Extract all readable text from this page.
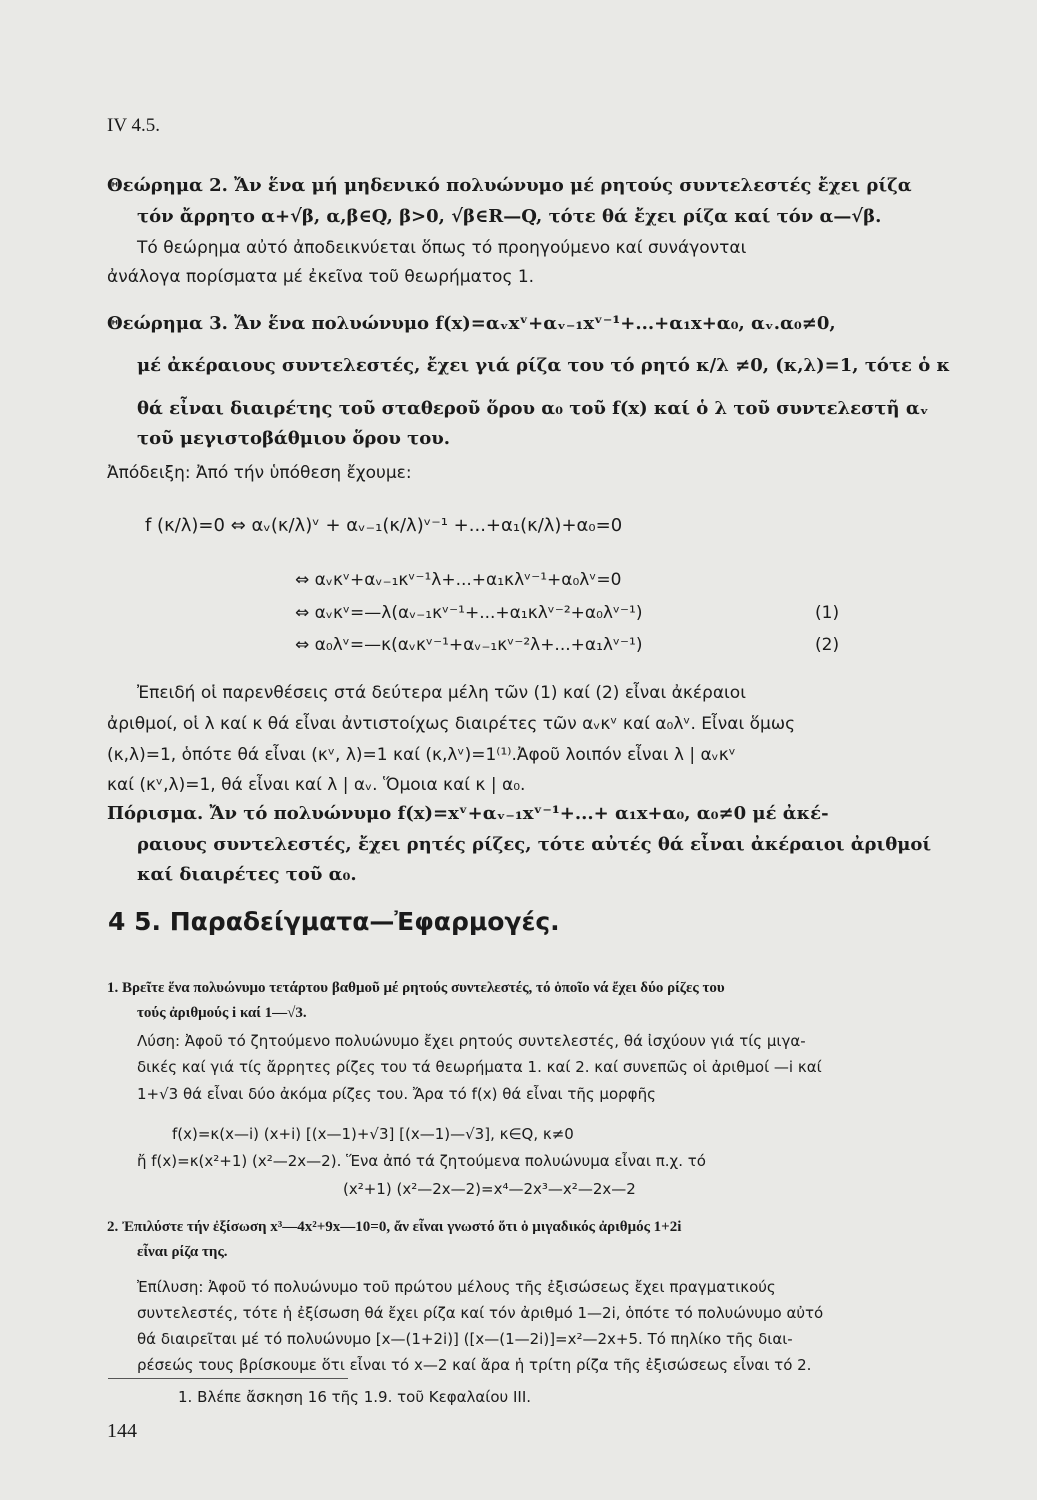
IV 4.5.
Θεώρημα 2. Ἄν ἕνα μή μηδενικό πολυώνυμο μέ ρητούς συντελεστές ἔχει ρίζα
τόν ἄρρητο α+√β, α,β∈Q, β>0, √β∈R—Q, τότε θά ἔχει ρίζα καί τόν α—√β.
Τό θεώρημα αὐτό ἀποδεικνύεται ὅπως τό προηγούμενο καί συνάγονται
ἀνάλογα πορίσματα μέ ἐκεῖνα τοῦ θεωρήματος 1.
Θεώρημα 3. Ἄν ἕνα πολυώνυμο f(x)=αᵥxᵛ+αᵥ₋₁xᵛ⁻¹+...+α₁x+α₀, αᵥ.α₀≠0,
μέ ἀκέραιους συντελεστές, ἔχει γιά ρίζα του τό ρητό κ/λ ≠0, (κ,λ)=1, τότε ὁ κ
θά εἶναι διαιρέτης τοῦ σταθεροῦ ὅρου α₀ τοῦ f(x) καί ὁ λ τοῦ συντελεστῆ αᵥ
τοῦ μεγιστοβάθμιου ὅρου του.
Ἀπόδειξη: Ἀπό τήν ὑπόθεση ἔχουμε:
f (κ/λ)=0 ⇔ αᵥ(κ/λ)ᵛ + αᵥ₋₁(κ/λ)ᵛ⁻¹ +...+α₁(κ/λ)+α₀=0
⇔ αᵥκᵛ+αᵥ₋₁κᵛ⁻¹λ+...+α₁κλᵛ⁻¹+α₀λᵛ=0
⇔ αᵥκᵛ=—λ(αᵥ₋₁κᵛ⁻¹+...+α₁κλᵛ⁻²+α₀λᵛ⁻¹)	(1)
⇔ α₀λᵛ=—κ(αᵥκᵛ⁻¹+αᵥ₋₁κᵛ⁻²λ+...+α₁λᵛ⁻¹)	(2)
Ἐπειδή οἱ παρενθέσεις στά δεύτερα μέλη τῶν (1) καί (2) εἶναι ἀκέραιοι
ἀριθμοί, οἱ λ καί κ θά εἶναι ἀντιστοίχως διαιρέτες τῶν αᵥκᵛ καί α₀λᵛ. Εἶναι ὅμως
(κ,λ)=1, ὁπότε θά εἶναι (κᵛ, λ)=1 καί (κ,λᵛ)=1⁽¹⁾.Ἀφοῦ λοιπόν εἶναι λ | αᵥκᵛ
καί (κᵛ,λ)=1, θά εἶναι καί λ | αᵥ. Ὅμοια καί κ | α₀.
Πόρισμα. Ἄν τό πολυώνυμο f(x)=xᵛ+αᵥ₋₁xᵛ⁻¹+...+ α₁x+α₀, α₀≠0 μέ ἀκέ-
ραιους συντελεστές, ἔχει ρητές ρίζες, τότε αὐτές θά εἶναι ἀκέραιοι ἀριθμοί
καί διαιρέτες τοῦ α₀.
4 5. Παραδείγματα—Ἐφαρμογές.
1. Βρεῖτε ἕνα πολυώνυμο τετάρτου βαθμοῦ μέ ρητούς συντελεστές, τό ὁποῖο νά ἔχει δύο ρίζες του
τούς ἀριθμούς i καί 1—√3.
Λύση: Ἀφοῦ τό ζητούμενο πολυώνυμο ἔχει ρητούς συντελεστές, θά ἰσχύουν γιά τίς μιγα-
δικές καί γιά τίς ἄρρητες ρίζες του τά θεωρήματα 1. καί 2. καί συνεπῶς οἱ ἀριθμοί —i καί
1+√3 θά εἶναι δύο ἀκόμα ρίζες του. Ἄρα τό f(x) θά εἶναι τῆς μορφῆς
f(x)=κ(x—i) (x+i) [(x—1)+√3] [(x—1)—√3], κ∈Q, κ≠0
ἤ f(x)=κ(x²+1) (x²—2x—2). Ἕνα ἀπό τά ζητούμενα πολυώνυμα εἶναι π.χ. τό
(x²+1) (x²—2x—2)=x⁴—2x³—x²—2x—2
2. Ἐπιλύστε τήν ἐξίσωση x³—4x²+9x—10=0, ἄν εἶναι γνωστό ὅτι ὁ μιγαδικός ἀριθμός 1+2i
εἶναι ρίζα της.
Ἐπίλυση: Ἀφοῦ τό πολυώνυμο τοῦ πρώτου μέλους τῆς ἐξισώσεως ἔχει πραγματικούς
συντελεστές, τότε ἡ ἐξίσωση θά ἔχει ρίζα καί τόν ἀριθμό 1—2i, ὁπότε τό πολυώνυμο αὐτό
θά διαιρεῖται μέ τό πολυώνυμο [x—(1+2i)] ([x—(1—2i)]=x²—2x+5. Τό πηλίκο τῆς διαι-
ρέσεώς τους βρίσκουμε ὅτι εἶναι τό x—2 καί ἄρα ἡ τρίτη ρίζα τῆς ἐξισώσεως εἶναι τό 2.
1. Βλέπε ἄσκηση 16 τῆς 1.9. τοῦ Κεφαλαίου ΙΙΙ.
144
